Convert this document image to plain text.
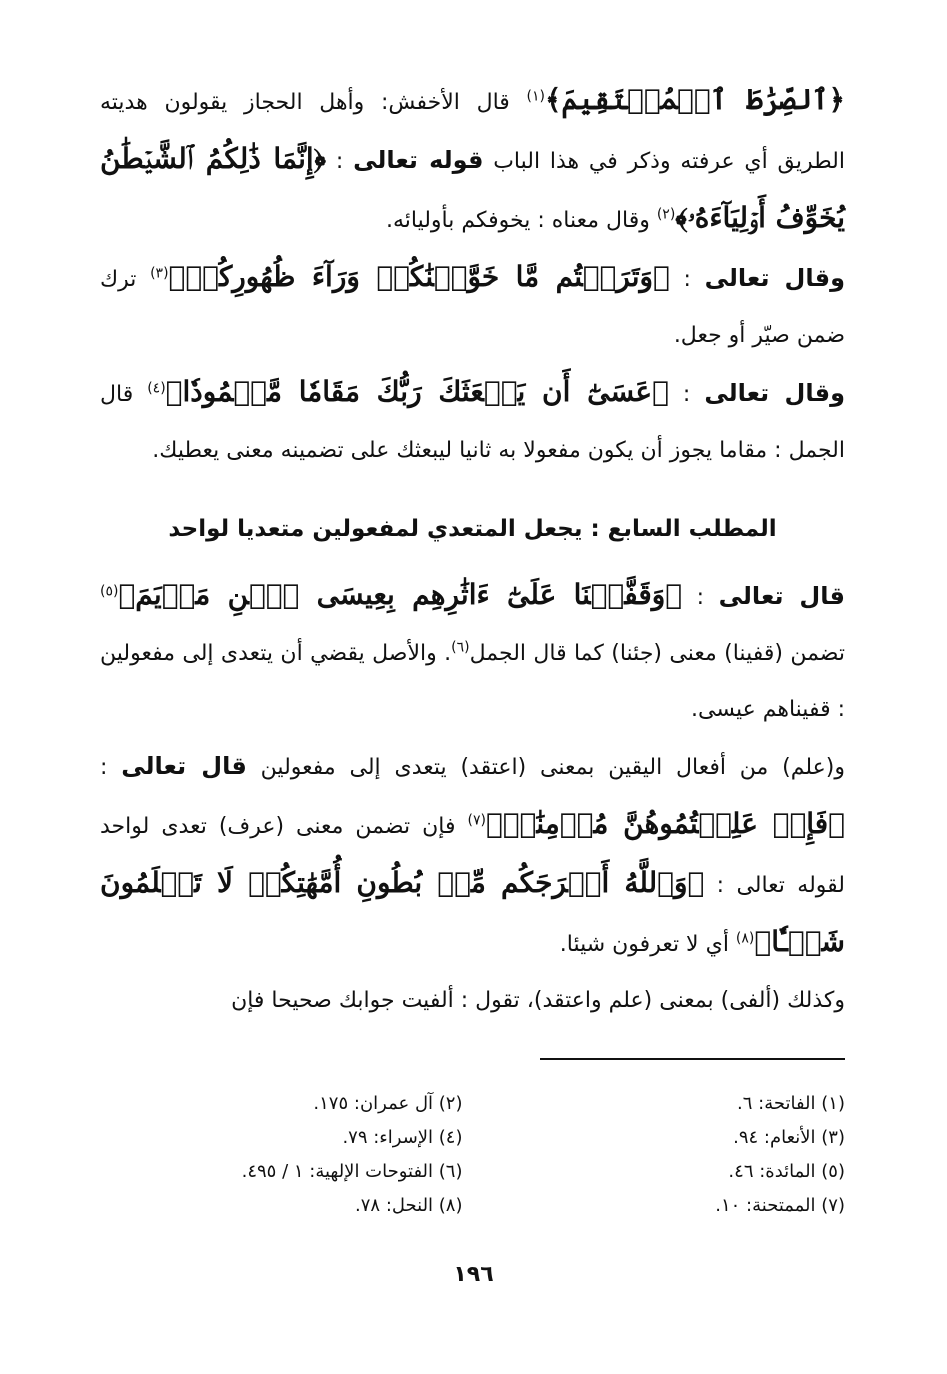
﴿ٱلصِّرَٰطَ ٱلۡمُسۡتَقِيمَ﴾$^{(١)}$ قال الأخفش: وأهل الحجاز يقولون هديته الطريق أي عرفته وذكر في هذا الباب قوله تعالى : ﴿إِنَّمَا ذَٰلِكُمُ ٱلشَّيۡطَٰنُ يُخَوِّفُ أَوۡلِيَآءَهُۥ﴾$^{(٢)}$ وقال معناه : يخوفكم بأوليائه.

وقال تعالى : ﴿وَتَرَكۡتُم مَّا خَوَّلۡنَٰكُمۡ وَرَآءَ ظُهُورِكُمۡ﴾$^{(٣)}$ ترك ضمن صيّر أو جعل.

وقال تعالى : ﴿عَسَىٰٓ أَن يَبۡعَثَكَ رَبُّكَ مَقَامٗا مَّحۡمُودٗا﴾$^{(٤)}$ قال الجمل : مقاما يجوز أن يكون مفعولا به ثانيا ليبعثك على تضمينه معنى يعطيك.

المطلب السابع : يجعل المتعدي لمفعولين متعديا لواحد

قال تعالى : ﴿وَقَفَّيۡنَا عَلَىٰٓ ءَاثَٰرِهِم بِعِيسَى ٱبۡنِ مَرۡيَمَ﴾$^{(٥)}$ تضمن (قفينا) معنى (جئنا) كما قال الجمل$^{(٦)}$. والأصل يقضي أن يتعدى إلى مفعولين : قفيناهم عيسى.

و(علم) من أفعال اليقين بمعنى (اعتقد) يتعدى إلى مفعولين قال تعالى : ﴿فَإِنۡ عَلِمۡتُمُوهُنَّ مُؤۡمِنَٰتٖ﴾$^{(٧)}$ فإن تضمن معنى (عرف) تعدى لواحد لقوله تعالى : ﴿وَٱللَّهُ أَخۡرَجَكُم مِّنۢ بُطُونِ أُمَّهَٰتِكُمۡ لَا تَعۡلَمُونَ شَيۡـٔٗا﴾$^{(٨)}$ أي لا تعرفون شيئا.

وكذلك (ألفى) بمعنى (علم واعتقد)، تقول : ألفيت جوابك صحيحا فإن

(١) الفاتحة: ٦.
(٢) آل عمران: ١٧٥.
(٣) الأنعام: ٩٤.
(٤) الإسراء: ٧٩.
(٥) المائدة: ٤٦.
(٦) الفتوحات الإلهية: ١ / ٤٩٥.
(٧) الممتحنة: ١٠.
(٨) النحل: ٧٨.
١٩٦
